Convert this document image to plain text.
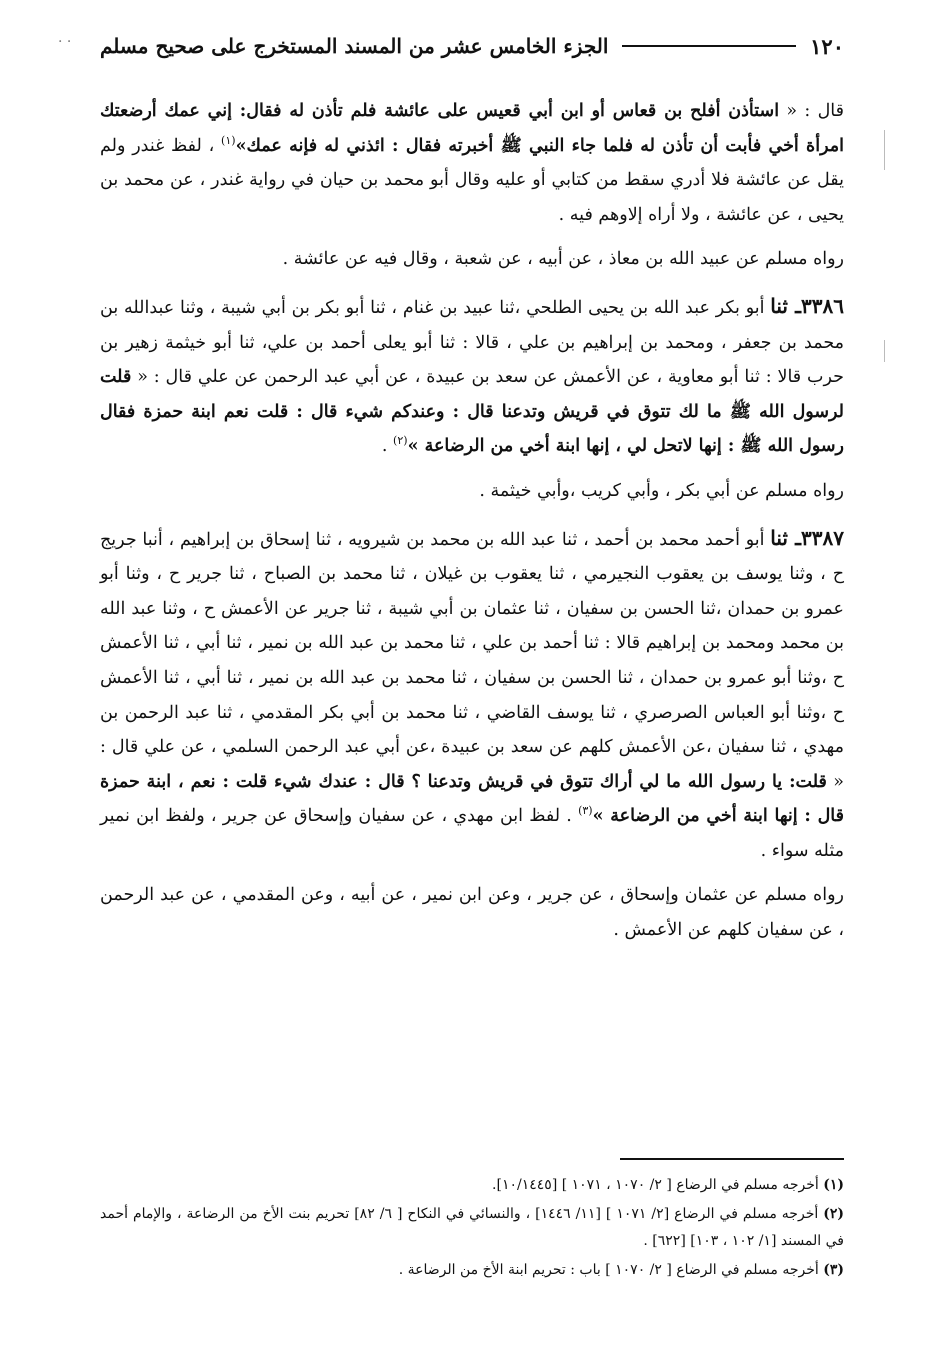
· ·	١٢٠
الجزء الخامس عشر من المسند المستخرج على صحيح مسلم

قال : « استأذن أفلح بن قعاس أو ابن أبي قعيس على عائشة فلم تأذن له فقال: إني عمك أرضعتك امرأة أخي فأبت أن تأذن له فلما جاء النبي ﷺ أخبرته فقال : ائذني له فإنه عمك»$^{(١)}$ ، لفظ غندر ولم يقل عن عائشة فلا أدري سقط من كتابي أو عليه وقال أبو محمد بن حيان في رواية غندر ، عن محمد بن يحيى ، عن عائشة ، ولا أراه إلاوهم فيه .

رواه مسلم عن عبيد الله بن معاذ ، عن أبيه ، عن شعبة ، وقال فيه عن عائشة .

٣٣٨٦ـ ثنا أبو بكر عبد الله بن يحيى الطلحي ،ثنا عبيد بن غنام ، ثنا أبو بكر بن أبي شيبة ، وثنا عبدالله بن محمد بن جعفر ، ومحمد بن إبراهيم بن علي ، قالا : ثنا أبو يعلى أحمد بن علي، ثنا أبو خيثمة زهير بن حرب قالا : ثنا أبو معاوية ، عن الأعمش عن سعد بن عبيدة ، عن أبي عبد الرحمن عن علي قال : « قلت لرسول الله ﷺ ما لك تتوق في قريش وتدعنا قال : وعندكم شيء قال : قلت نعم ابنة حمزة فقال رسول الله ﷺ : إنها لاتحل لي ، إنها ابنة أخي من الرضاعة »$^{(٢)}$ .

رواه مسلم عن أبي بكر ، وأبي كريب ،وأبي خيثمة .

٣٣٨٧ـ ثنا أبو أحمد محمد بن أحمد ، ثنا عبد الله بن محمد بن شيرويه ، ثنا إسحاق بن إبراهيم ، أنبا جريج ح ، وثنا يوسف بن يعقوب النجيرمي ، ثنا يعقوب بن غيلان ، ثنا محمد بن الصباح ، ثنا جرير ح ، وثنا أبو عمرو بن حمدان ،ثنا الحسن بن سفيان ، ثنا عثمان بن أبي شيبة ، ثنا جرير عن الأعمش ح ، وثنا عبد الله بن محمد ومحمد بن إبراهيم قالا : ثنا أحمد بن علي ، ثنا محمد بن عبد الله بن نمير ، ثنا أبي ، ثنا الأعمش ح ،وثنا أبو عمرو بن حمدان ، ثنا الحسن بن سفيان ، ثنا محمد بن عبد الله بن نمير ، ثنا أبي ، ثنا الأعمش ح ،وثنا أبو العباس الصرصري ، ثنا يوسف القاضي ، ثنا محمد بن أبي بكر المقدمي ، ثنا عبد الرحمن بن مهدي ، ثنا سفيان ،عن الأعمش كلهم عن سعد بن عبيدة ،عن أبي عبد الرحمن السلمي ، عن علي قال : « قلت: يا رسول الله ما لي أراك تتوق في قريش وتدعنا ؟ قال : عندك شيء قلت : نعم ، ابنة حمزة قال : إنها ابنة أخي من الرضاعة »$^{(٣)}$ . لفظ ابن مهدي ، عن سفيان وإسحاق عن جرير ، ولفظ ابن نمير مثله سواء .

رواه مسلم عن عثمان وإسحاق ، عن جرير ، وعن ابن نمير ، عن أبيه ، وعن المقدمي ، عن عبد الرحمن ، عن سفيان كلهم عن الأعمش .

(١) أخرجه مسلم في الرضاع [ ٢/ ١٠٧٠ ، ١٠٧١ ] [١٠/١٤٤٥].

(٢) أخرجه مسلم في الرضاع [٢/ ١٠٧١ ] [١١/ ١٤٤٦] ، والنسائي في النكاح [ ٦/ ٨٢] تحريم بنت الأخ من الرضاعة ، والإمام أحمد في المسند [١/ ١٠٢ ، ١٠٣] [٦٢٢] .

(٣) أخرجه مسلم في الرضاع [ ٢/ ١٠٧٠ ] باب : تحريم ابنة الأخ من الرضاعة .
